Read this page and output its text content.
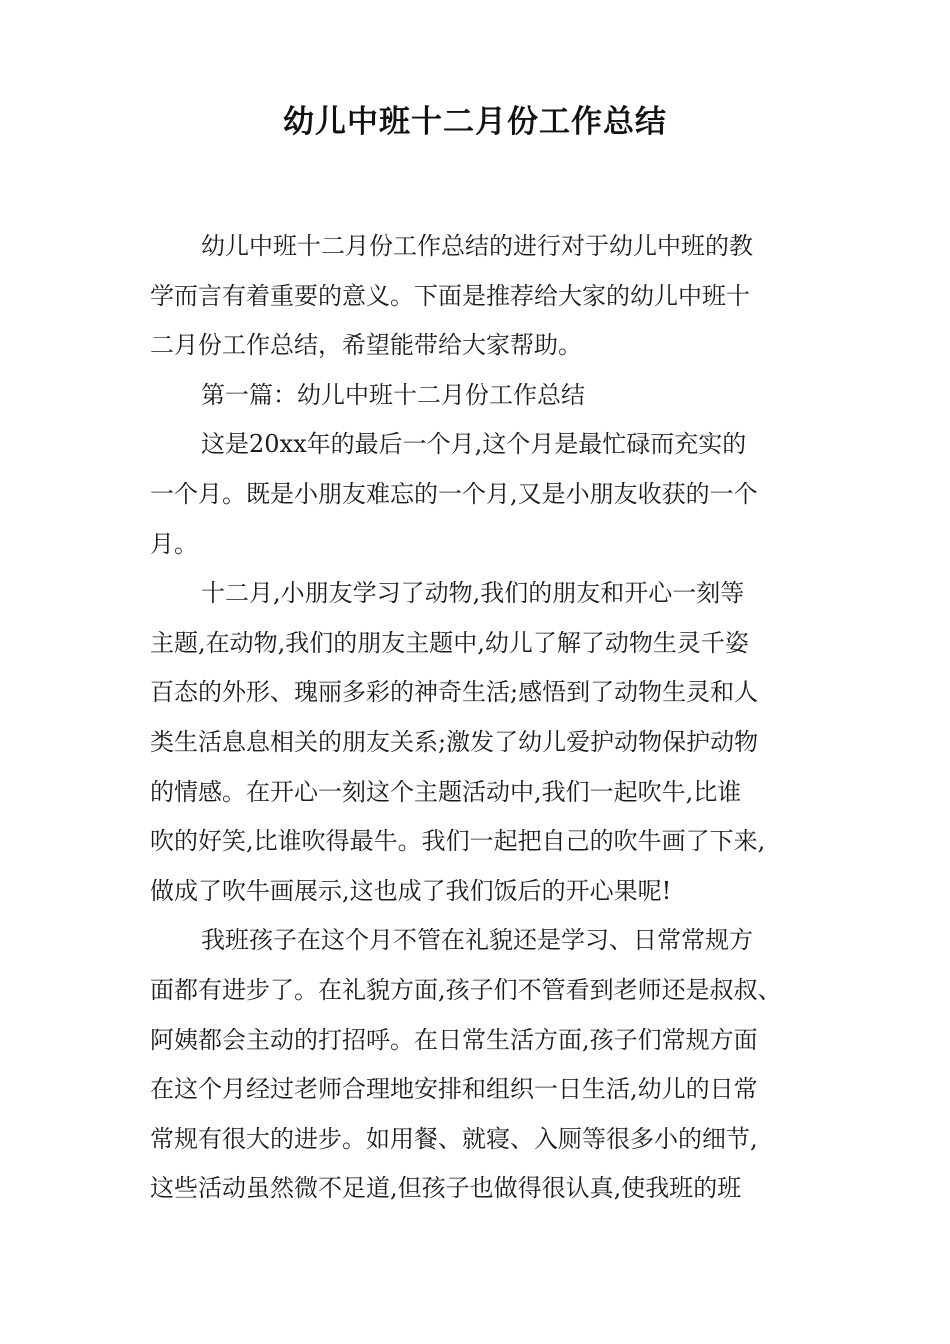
幼儿中班十二月份工作总结
幼儿中班十二月份工作总结的进行对于幼儿中班的教
学而言有着重要的意义。下面是推荐给大家的幼儿中班十
二月份工作总结，希望能带给大家帮助。
第一篇：幼儿中班十二月份工作总结
这是20xx年的最后一个月,这个月是最忙碌而充实的
一个月。既是小朋友难忘的一个月,又是小朋友收获的一个
月。
十二月,小朋友学习了动物,我们的朋友和开心一刻等
主题,在动物,我们的朋友主题中,幼儿了解了动物生灵千姿
百态的外形、瑰丽多彩的神奇生活;感悟到了动物生灵和人
类生活息息相关的朋友关系;激发了幼儿爱护动物保护动物
的情感。在开心一刻这个主题活动中,我们一起吹牛,比谁
吹的好笑,比谁吹得最牛。我们一起把自己的吹牛画了下来,
做成了吹牛画展示,这也成了我们饭后的开心果呢!
我班孩子在这个月不管在礼貌还是学习、日常常规方
面都有进步了。在礼貌方面,孩子们不管看到老师还是叔叔、
阿姨都会主动的打招呼。在日常生活方面,孩子们常规方面
在这个月经过老师合理地安排和组织一日生活,幼儿的日常
常规有很大的进步。如用餐、就寝、入厕等很多小的细节,
这些活动虽然微不足道,但孩子也做得很认真,使我班的班
